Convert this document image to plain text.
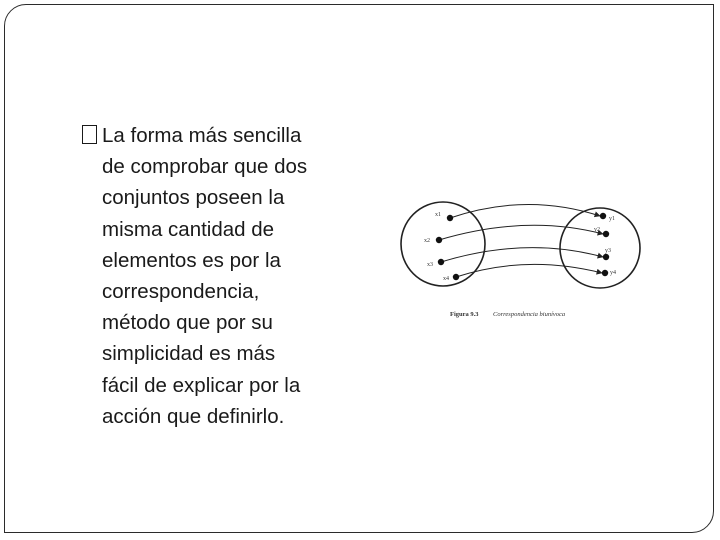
La forma más sencilla
de comprobar que dos
conjuntos poseen la
misma cantidad de
elementos es por la
correspondencia,
método que por su
simplicidad es más
fácil de explicar por la
acción que definirlo.
x1
x2
x3
x4
y1
y2
y3
y4
Figura 9.3 Correspondencia biunívoca
